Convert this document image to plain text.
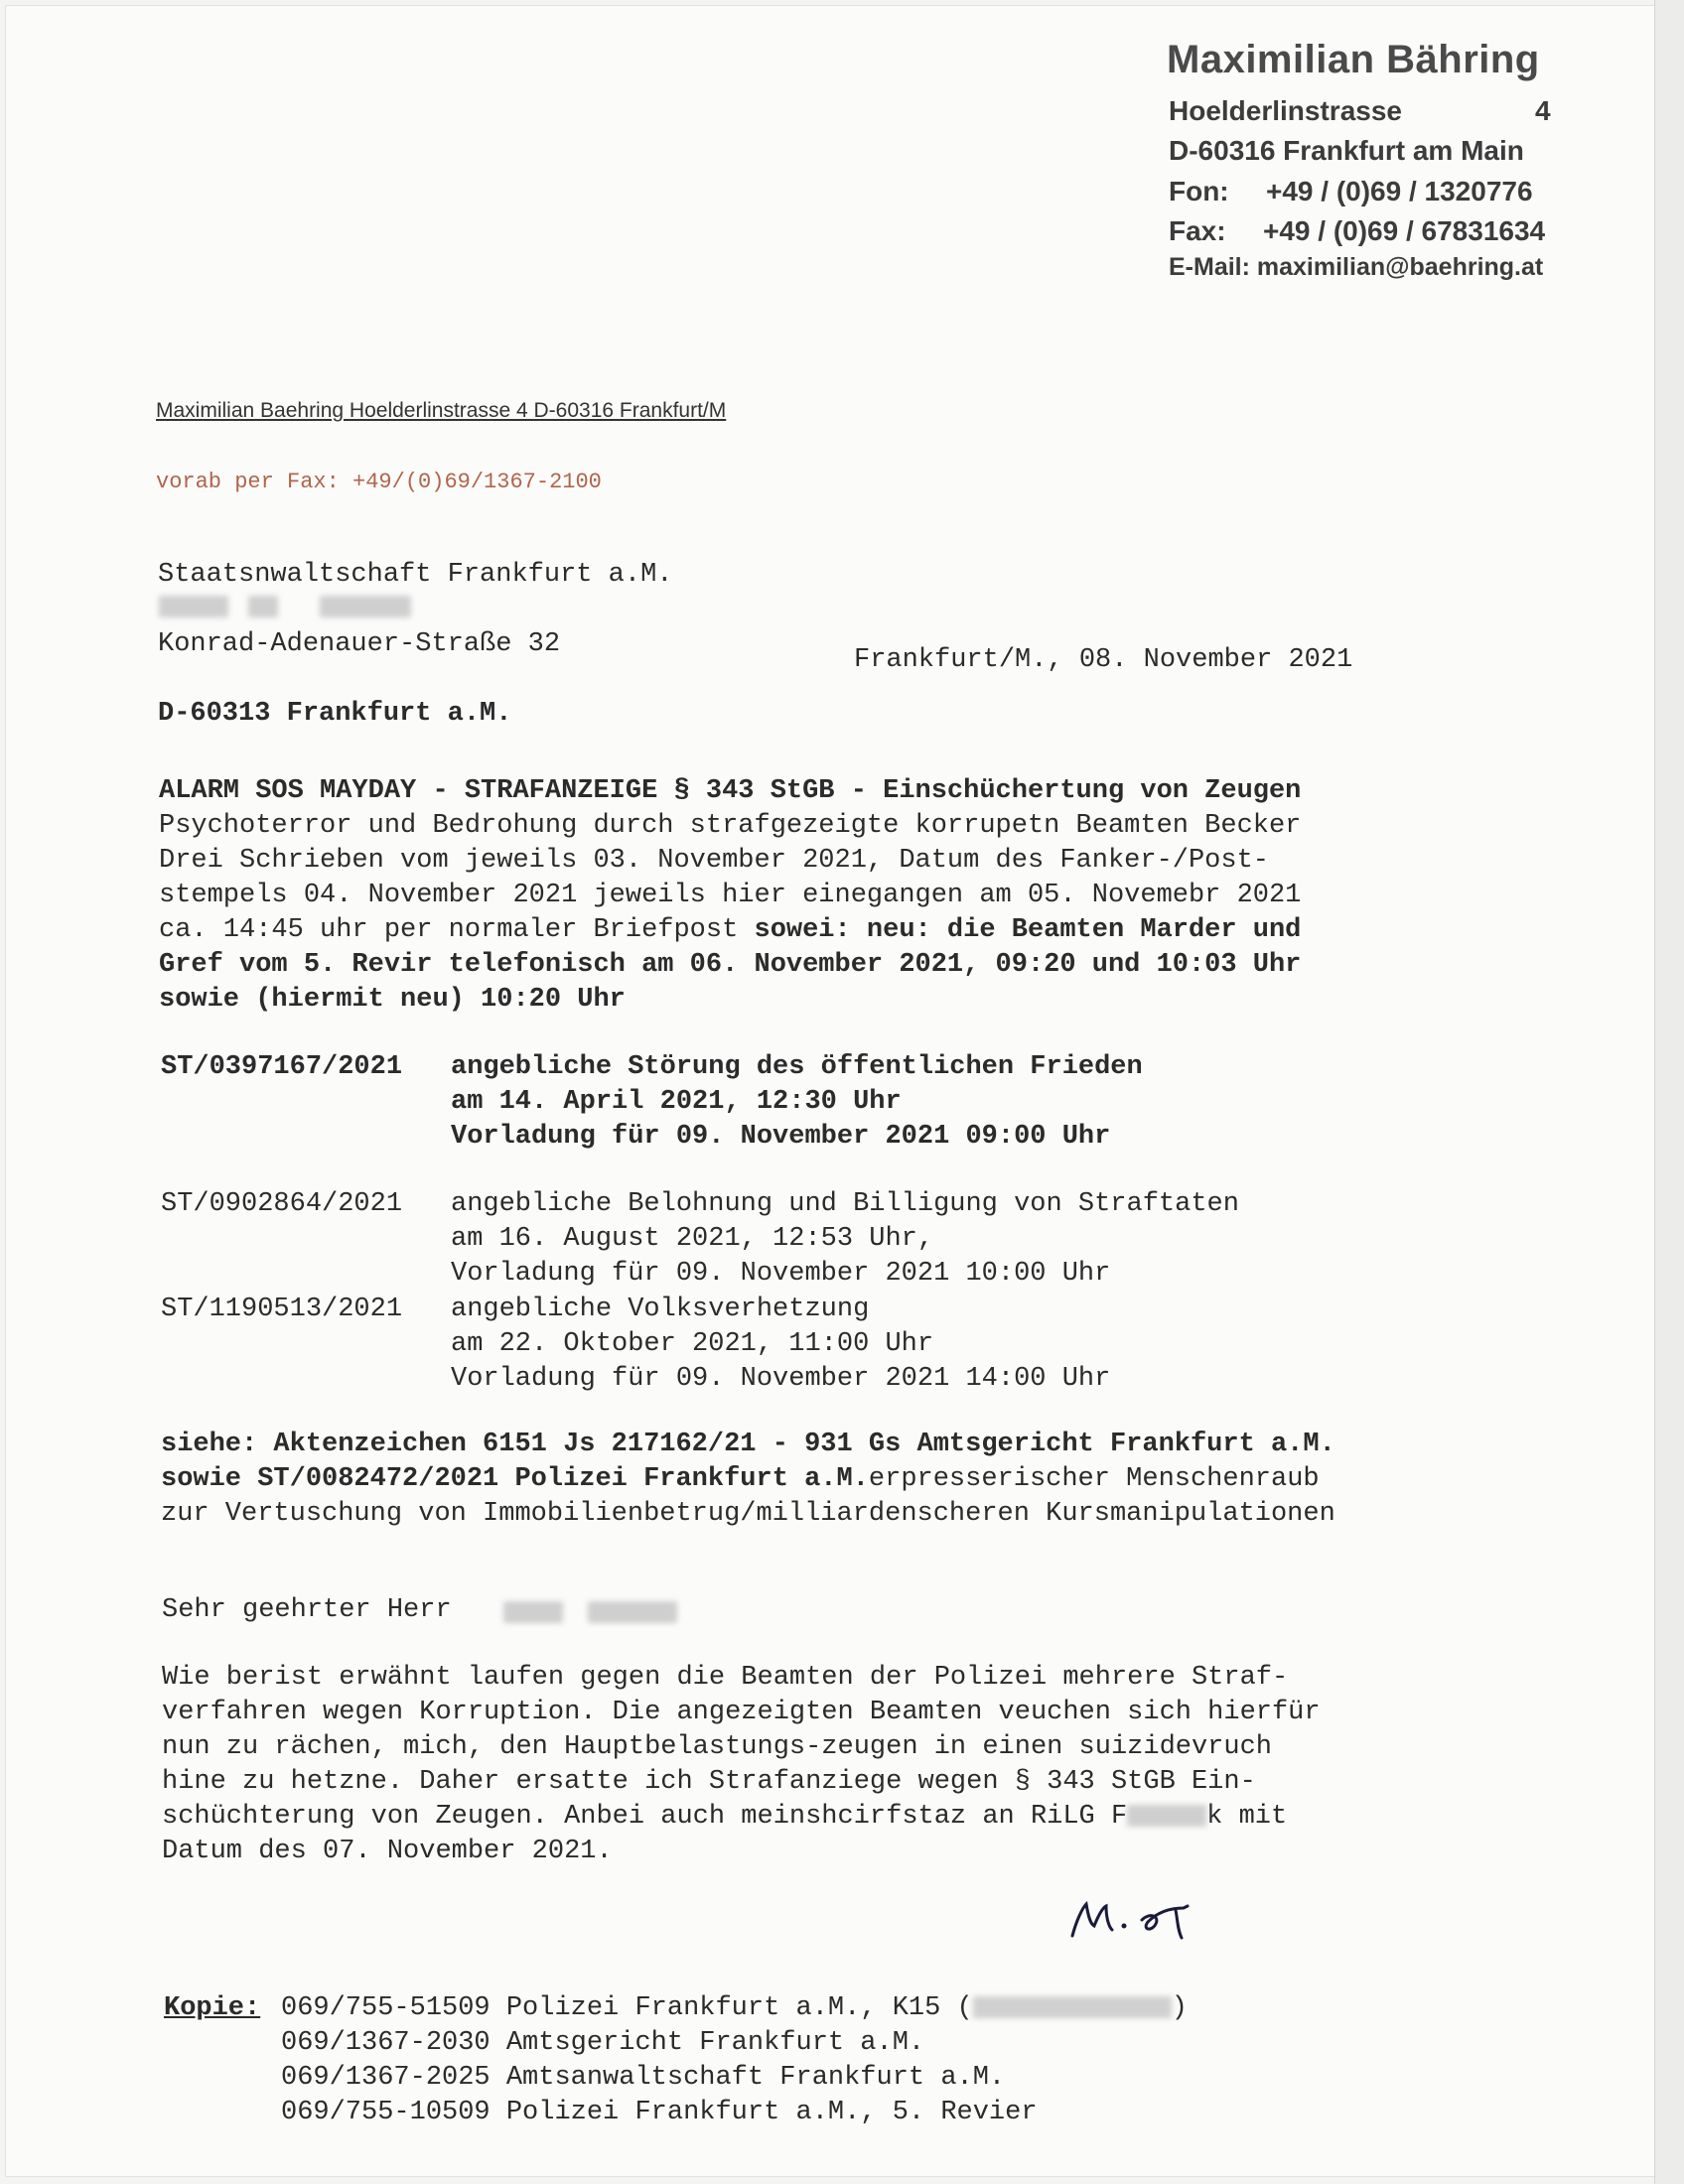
Maximilian Bähring
Hoelderlinstrasse	4
D-60316 Frankfurt am Main
Fon: +49 / (0)69 / 1320776
Fax: +49 / (0)69 / 67831634
E-Mail: maximilian@baehring.at
Maximilian Baehring Hoelderlinstrasse 4 D-60316 Frankfurt/M
vorab per Fax: +49/(0)69/1367-2100
Staatsnwaltschaft Frankfurt a.M.
Konrad-Adenauer-Straße 32
D-60313 Frankfurt a.M.
Frankfurt/M., 08. November 2021
ALARM SOS MAYDAY - STRAFANZEIGE § 343 StGB - Einschüchertung von Zeugen
Psychoterror und Bedrohung durch strafgezeigte korrupetn Beamten Becker
Drei Schrieben vom jeweils 03. November 2021, Datum des Fanker-/Post-
stempels 04. November 2021 jeweils hier einegangen am 05. Novemebr 2021
ca. 14:45 uhr per normaler Briefpost sowei: neu: die Beamten Marder und
Gref vom 5. Revir telefonisch am 06. November 2021, 09:20 und 10:03 Uhr
sowie (hiermit neu) 10:20 Uhr
ST/0397167/2021 angebliche Störung des öffentlichen Frieden
am 14. April 2021, 12:30 Uhr
Vorladung für 09. November 2021 09:00 Uhr
ST/0902864/2021 angebliche Belohnung und Billigung von Straftaten
am 16. August 2021, 12:53 Uhr,
Vorladung für 09. November 2021 10:00 Uhr
ST/1190513/2021 angebliche Volksverhetzung
am 22. Oktober 2021, 11:00 Uhr
Vorladung für 09. November 2021 14:00 Uhr
siehe: Aktenzeichen 6151 Js 217162/21 - 931 Gs Amtsgericht Frankfurt a.M.
sowie ST/0082472/2021 Polizei Frankfurt a.M.erpresserischer Menschenraub
zur Vertuschung von Immobilienbetrug/milliardenscheren Kursmanipulationen
Sehr geehrter Herr
Wie berist erwähnt laufen gegen die Beamten der Polizei mehrere Straf-
verfahren wegen Korruption. Die angezeigten Beamten veuchen sich hierfür
nun zu rächen, mich, den Hauptbelastungs-zeugen in einen suizidevruch
hine zu hetzne. Daher ersatte ich Strafanziege wegen § 343 StGB Ein-
schüchterung von Zeugen. Anbei auch meinshcirfstaz an RiLG F	k mit
Datum des 07. November 2021.
Kopie: 069/755-51509 Polizei Frankfurt a.M., K15 (	)
069/1367-2030 Amtsgericht Frankfurt a.M.
069/1367-2025 Amtsanwaltschaft Frankfurt a.M.
069/755-10509 Polizei Frankfurt a.M., 5. Revier
